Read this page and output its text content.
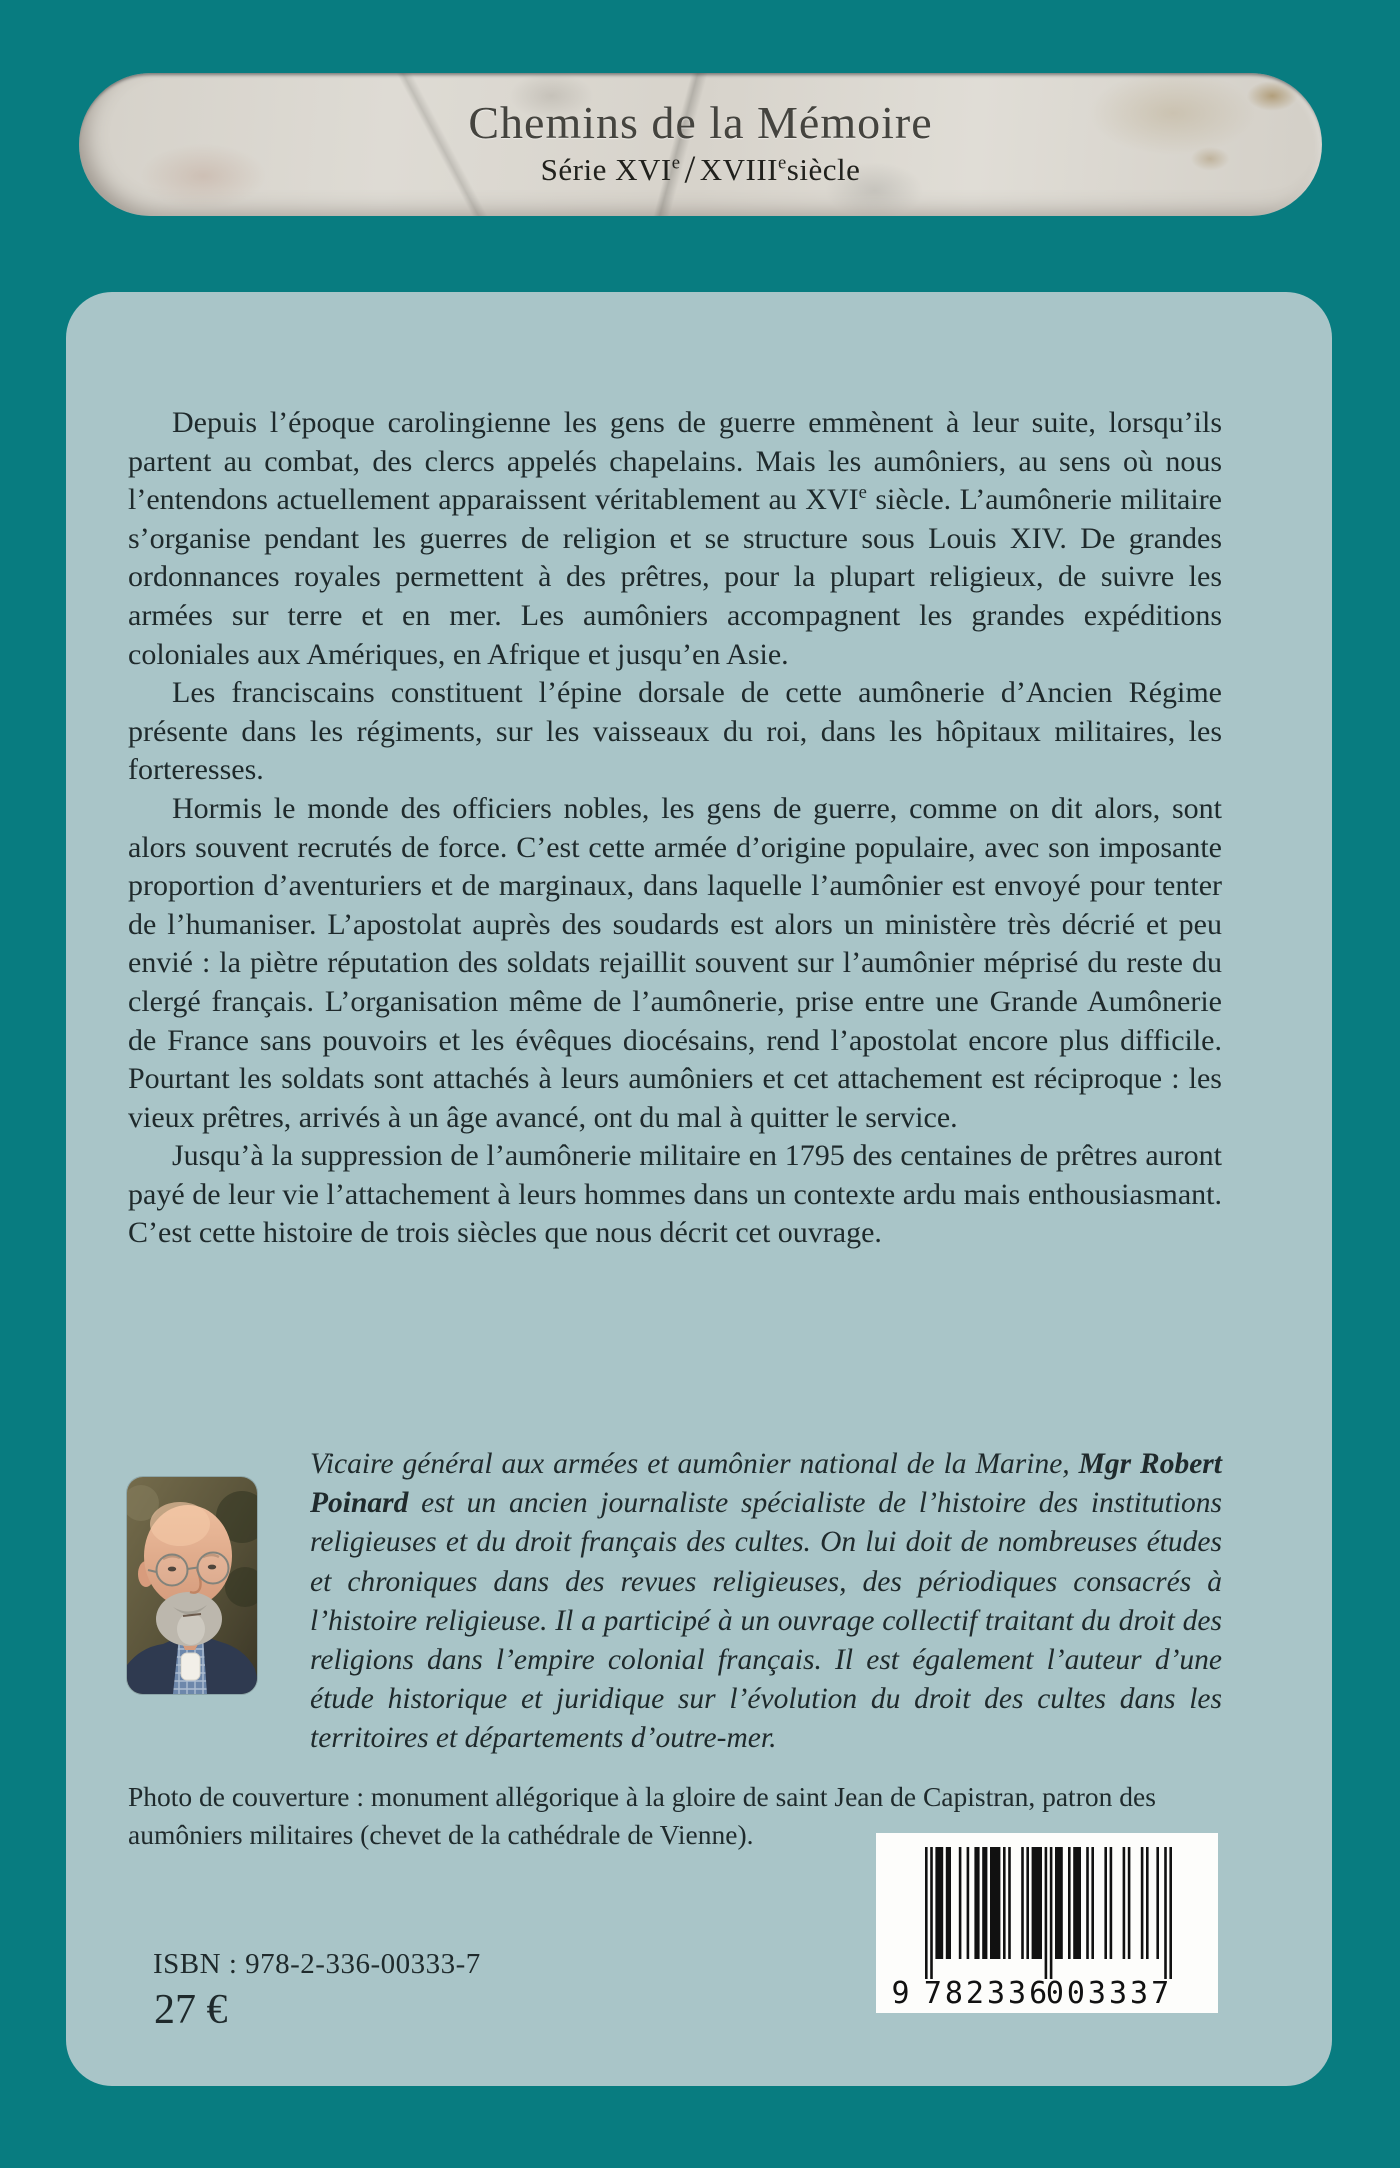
Chemins de la Mémoire
Série XVIe / XVIIIesiècle

Depuis l’époque carolingienne les gens de guerre emmènent à leur suite, lorsqu’ils partent au combat, des clercs appelés chapelains. Mais les aumôniers, au sens où nous l’entendons actuellement apparaissent véritablement au XVIe siècle. L’aumônerie militaire s’organise pendant les guerres de religion et se structure sous Louis XIV. De grandes ordonnances royales permettent à des prêtres, pour la plupart religieux, de suivre les armées sur terre et en mer. Les aumôniers accompagnent les grandes expéditions coloniales aux Amériques, en Afrique et jusqu’en Asie.

Les franciscains constituent l’épine dorsale de cette aumônerie d’Ancien Régime présente dans les régiments, sur les vaisseaux du roi, dans les hôpitaux militaires, les forteresses.

Hormis le monde des officiers nobles, les gens de guerre, comme on dit alors, sont alors souvent recrutés de force. C’est cette armée d’origine populaire, avec son imposante proportion d’aventuriers et de marginaux, dans laquelle l’aumônier est envoyé pour tenter de l’humaniser. L’apostolat auprès des soudards est alors un ministère très décrié et peu envié : la piètre réputation des soldats rejaillit souvent sur l’aumônier méprisé du reste du clergé français. L’organisation même de l’aumônerie, prise entre une Grande Aumônerie de France sans pouvoirs et les évêques diocésains, rend l’apostolat encore plus difficile. Pourtant les soldats sont attachés à leurs aumôniers et cet attachement est réciproque : les vieux prêtres, arrivés à un âge avancé, ont du mal à quitter le service.

Jusqu’à la suppression de l’aumônerie militaire en 1795 des centaines de prêtres auront payé de leur vie l’attachement à leurs hommes dans un contexte ardu mais enthousiasmant. C’est cette histoire de trois siècles que nous décrit cet ouvrage.

Vicaire général aux armées et aumônier national de la Marine, Mgr Robert Poinard est un ancien journaliste spécialiste de l’histoire des institutions religieuses et du droit français des cultes. On lui doit de nombreuses études et chroniques dans des revues religieuses, des périodiques consacrés à l’histoire religieuse. Il a participé à un ouvrage collectif traitant du droit des religions dans l’empire colonial français. Il est également l’auteur d’une étude historique et juridique sur l’évolution du droit des cultes dans les territoires et départements d’outre-mer.
Photo de couverture : monument allégorique à la gloire de saint Jean de Capistran, patron des aumôniers militaires (chevet de la cathédrale de Vienne).
ISBN : 978-2-336-00333-7
27 €	9 782336
003337
